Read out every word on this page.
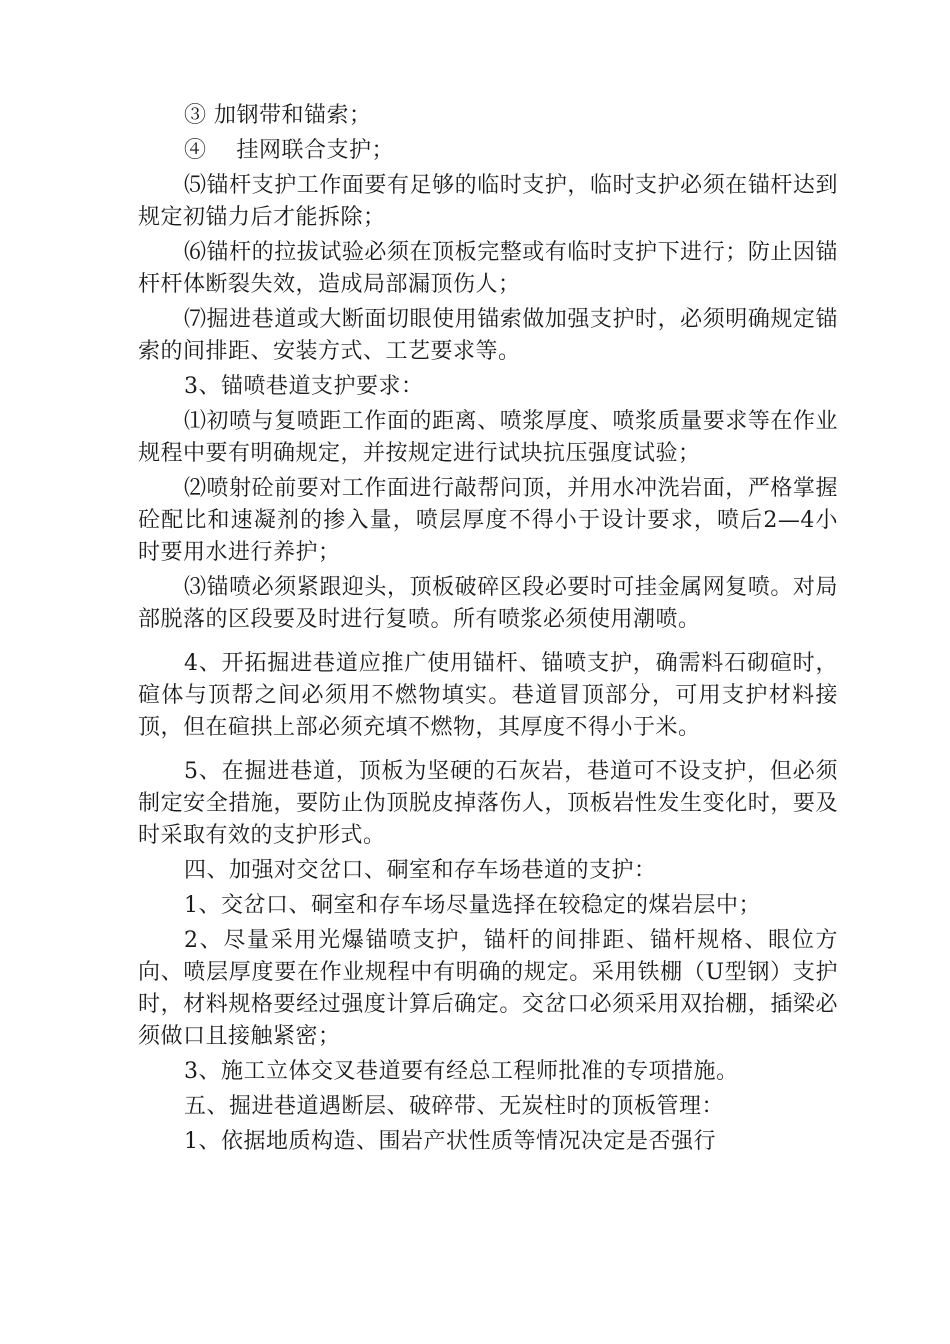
③ 加钢带和锚索；

④　 挂网联合支护；

⑸锚杆支护工作面要有足够的临时支护，临时支护必须在锚杆达到规定初锚力后才能拆除；

⑹锚杆的拉拔试验必须在顶板完整或有临时支护下进行；防止因锚杆杆体断裂失效，造成局部漏顶伤人；

⑺掘进巷道或大断面切眼使用锚索做加强支护时，必须明确规定锚索的间排距、安装方式、工艺要求等。

3、锚喷巷道支护要求：

⑴初喷与复喷距工作面的距离、喷浆厚度、喷浆质量要求等在作业规程中要有明确规定，并按规定进行试块抗压强度试验；

⑵喷射砼前要对工作面进行敲帮问顶，并用水冲洗岩面，严格掌握砼配比和速凝剂的掺入量，喷层厚度不得小于设计要求，喷后2—4小时要用水进行养护；

⑶锚喷必须紧跟迎头，顶板破碎区段必要时可挂金属网复喷。对局部脱落的区段要及时进行复喷。所有喷浆必须使用潮喷。

4、开拓掘进巷道应推广使用锚杆、锚喷支护，确需料石砌碹时，碹体与顶帮之间必须用不燃物填实。巷道冒顶部分，可用支护材料接顶，但在碹拱上部必须充填不燃物，其厚度不得小于米。

5、在掘进巷道，顶板为坚硬的石灰岩，巷道可不设支护，但必须制定安全措施，要防止伪顶脱皮掉落伤人，顶板岩性发生变化时，要及时采取有效的支护形式。

四、加强对交岔口、硐室和存车场巷道的支护：

1、交岔口、硐室和存车场尽量选择在较稳定的煤岩层中；

2、尽量采用光爆锚喷支护，锚杆的间排距、锚杆规格、眼位方向、喷层厚度要在作业规程中有明确的规定。采用铁棚（U型钢）支护时，材料规格要经过强度计算后确定。交岔口必须采用双抬棚，插梁必须做口且接触紧密；

3、施工立体交叉巷道要有经总工程师批准的专项措施。

五、掘进巷道遇断层、破碎带、无炭柱时的顶板管理：

1、依据地质构造、围岩产状性质等情况决定是否强行
